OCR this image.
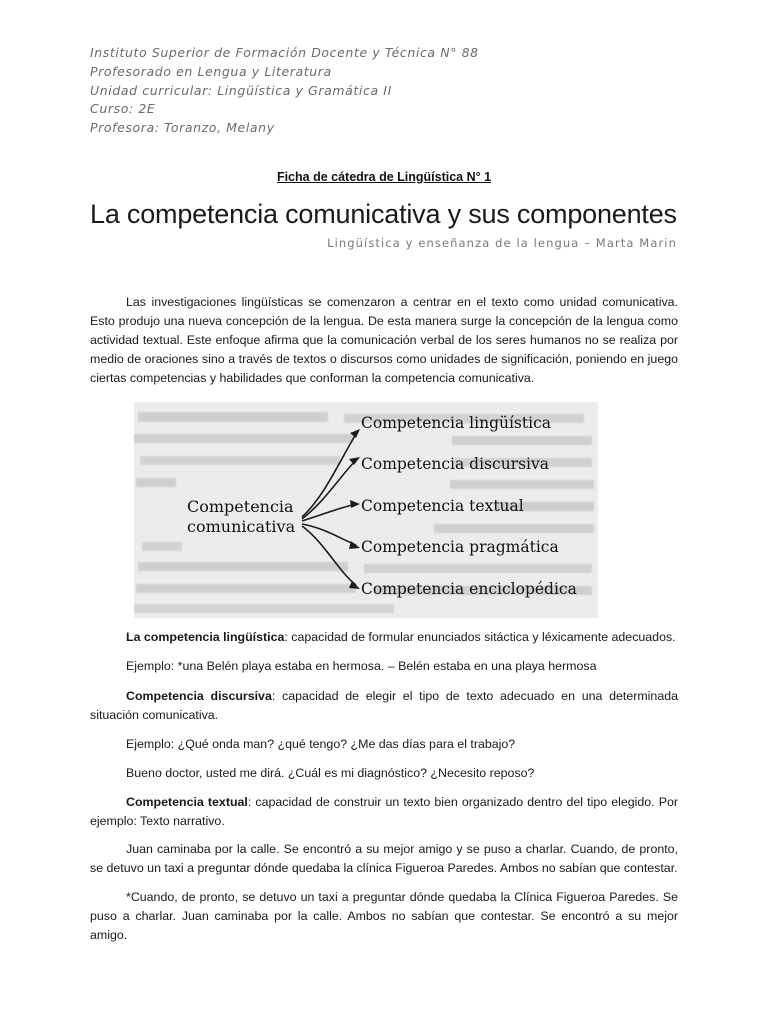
Instituto Superior de Formación Docente y Técnica N° 88
Profesorado en Lengua y Literatura
Unidad curricular: Lingüística y Gramática II
Curso: 2E
Profesora: Toranzo, Melany
Ficha de cátedra de Lingüística N° 1
La competencia comunicativa y sus componentes
Lingüística y enseñanza de la lengua – Marta Marin
Las investigaciones lingüísticas se comenzaron a centrar en el texto como unidad comunicativa. Esto produjo una nueva concepción de la lengua. De esta manera surge la concepción de la lengua como actividad textual. Este enfoque afirma que la comunicación verbal de los seres humanos no se realiza por medio de oraciones sino a través de textos o discursos como unidades de significación, poniendo en juego ciertas competencias y habilidades que conforman la competencia comunicativa.
Competencia
comunicativa
Competencia lingüística
Competencia discursiva
Competencia textual
Competencia pragmática
Competencia enciclopédica
La competencia lingüística: capacidad de formular enunciados sitáctica y léxicamente adecuados.
Ejemplo: *una Belén playa estaba en hermosa. – Belén estaba en una playa hermosa
Competencia discursiva: capacidad de elegir el tipo de texto adecuado en una determinada situación comunicativa.
Ejemplo: ¿Qué onda man? ¿qué tengo? ¿Me das días para el trabajo?
Bueno doctor, usted me dirá. ¿Cuál es mi diagnóstico? ¿Necesito reposo?
Competencia textual: capacidad de construir un texto bien organizado dentro del tipo elegido. Por ejemplo: Texto narrativo.
Juan caminaba por la calle. Se encontró a su mejor amigo y se puso a charlar. Cuando, de pronto, se detuvo un taxi a preguntar dónde quedaba la clínica Figueroa Paredes. Ambos no sabían que contestar.
*Cuando, de pronto, se detuvo un taxi a preguntar dónde quedaba la Clínica Figueroa Paredes. Se puso a charlar. Juan caminaba por la calle. Ambos no sabían que contestar. Se encontró a su mejor amigo.
